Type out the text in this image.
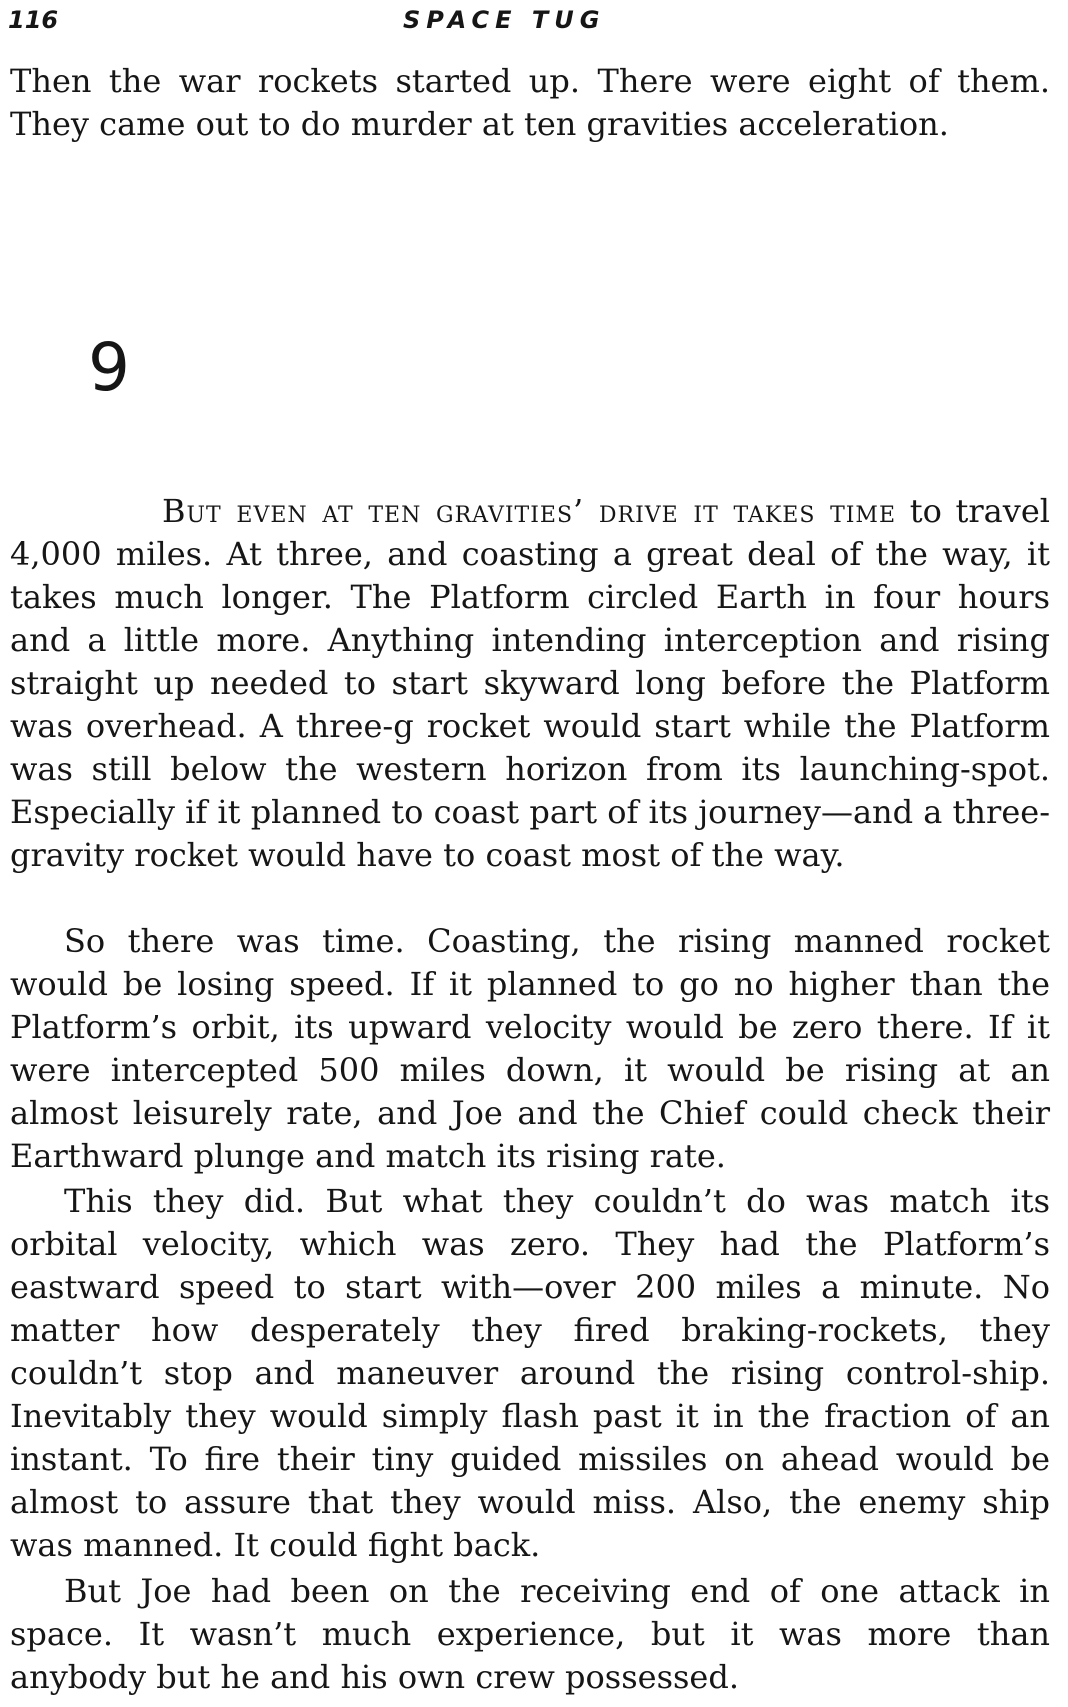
116	SPACE TUG

Then the war rockets started up. There were eight of them. They came out to do murder at ten gravities acceleration.

9

But even at ten gravities’ drive it takes time to travel 4,000 miles. At three, and coasting a great deal of the way, it takes much longer. The Platform circled Earth in four hours and a little more. Anything intending interception and rising straight up needed to start skyward long before the Platform was overhead. A three-g rocket would start while the Platform was still below the western horizon from its launching-spot. Especially if it planned to coast part of its journey—and a three-gravity rocket would have to coast most of the way.

So there was time. Coasting, the rising manned rocket would be losing speed. If it planned to go no higher than the Platform’s orbit, its upward velocity would be zero there. If it were intercepted 500 miles down, it would be rising at an almost leisurely rate, and Joe and the Chief could check their Earthward plunge and match its rising rate.

This they did. But what they couldn’t do was match its orbital velocity, which was zero. They had the Platform’s eastward speed to start with—over 200 miles a minute. No matter how desperately they fired braking-rockets, they couldn’t stop and maneuver around the rising control-ship. Inevitably they would simply flash past it in the fraction of an instant. To fire their tiny guided missiles on ahead would be almost to assure that they would miss. Also, the enemy ship was manned. It could fight back.

But Joe had been on the receiving end of one attack in space. It wasn’t much experience, but it was more than anybody but he and his own crew possessed.
